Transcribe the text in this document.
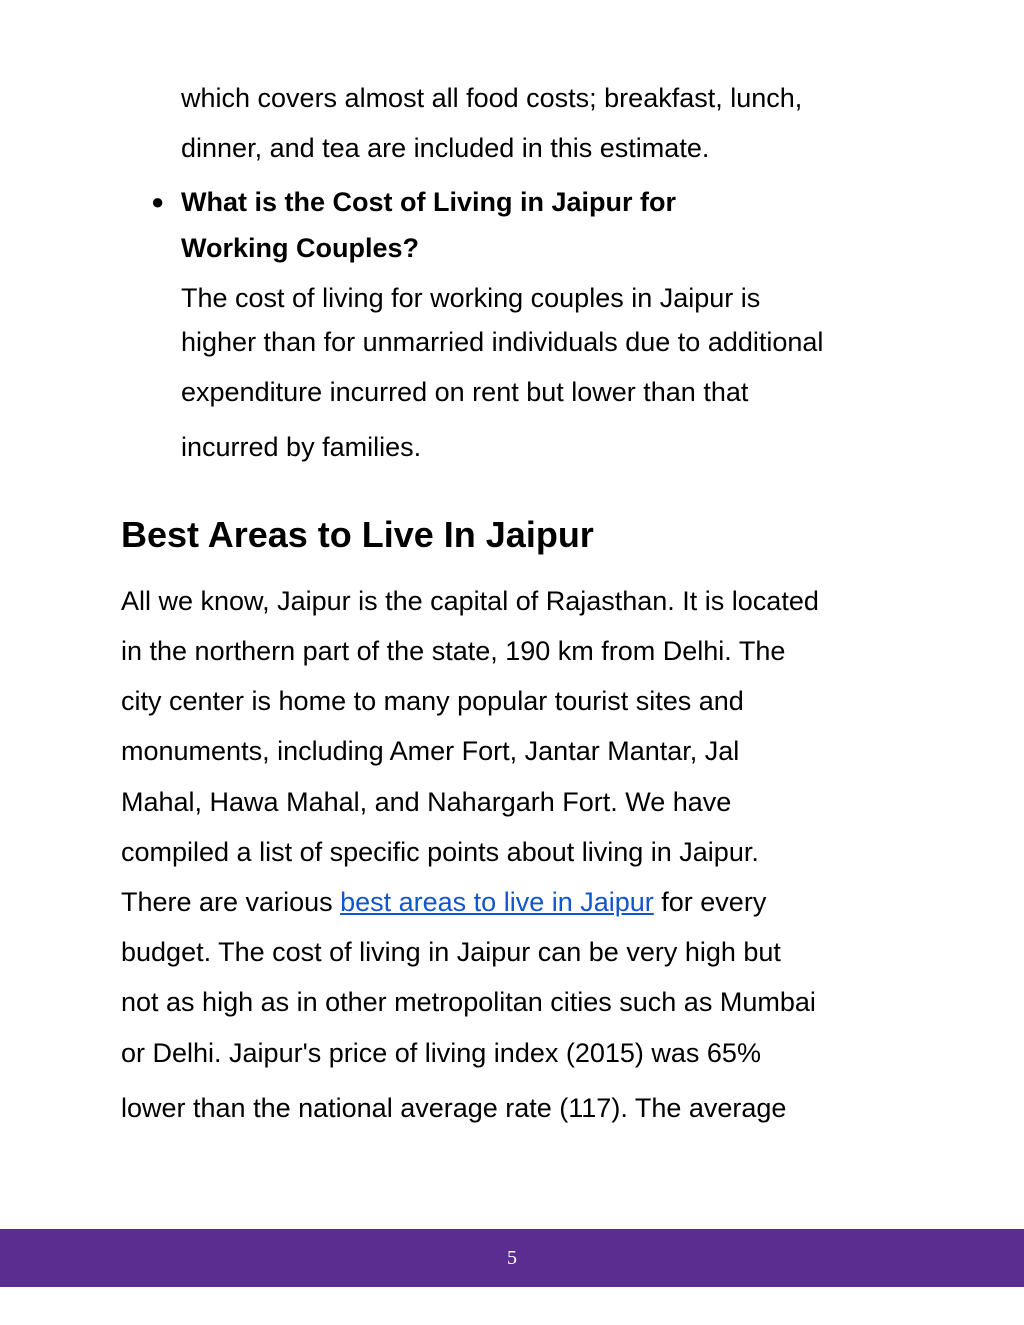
which covers almost all food costs; breakfast, lunch,
dinner, and tea are included in this estimate.
● What is the Cost of Living in Jaipur for
Working Couples?
The cost of living for working couples in Jaipur is
higher than for unmarried individuals due to additional
expenditure incurred on rent but lower than that
incurred by families.
Best Areas to Live In Jaipur
All we know, Jaipur is the capital of Rajasthan. It is located
in the northern part of the state, 190 km from Delhi. The
city center is home to many popular tourist sites and
monuments, including Amer Fort, Jantar Mantar, Jal
Mahal, Hawa Mahal, and Nahargarh Fort. We have
compiled a list of specific points about living in Jaipur.
There are various best areas to live in Jaipur for every
budget. The cost of living in Jaipur can be very high but
not as high as in other metropolitan cities such as Mumbai
or Delhi. Jaipur's price of living index (2015) was 65%
lower than the national average rate (117). The average
5
